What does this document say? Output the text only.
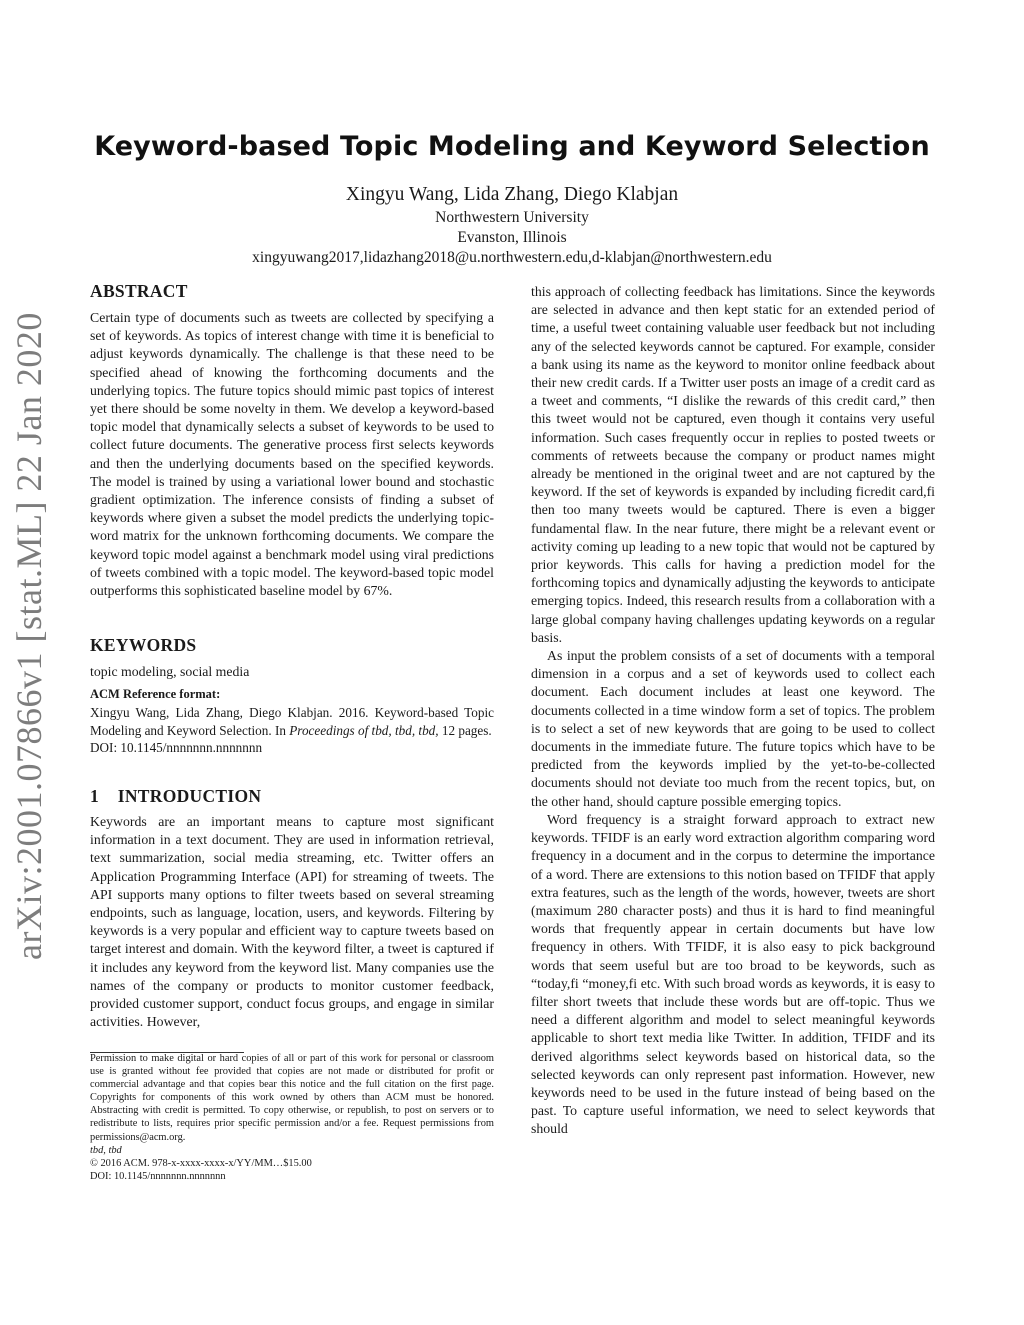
arXiv:2001.07866v1 [stat.ML] 22 Jan 2020
Keyword-based Topic Modeling and Keyword Selection
Xingyu Wang, Lida Zhang, Diego Klabjan
Northwestern University
Evanston, Illinois
xingyuwang2017,lidazhang2018@u.northwestern.edu,d-klabjan@northwestern.edu
ABSTRACT

Certain type of documents such as tweets are collected by specifying a set of keywords. As topics of interest change with time it is beneficial to adjust keywords dynamically. The challenge is that these need to be specified ahead of knowing the forthcoming documents and the underlying topics. The future topics should mimic past topics of interest yet there should be some novelty in them. We develop a keyword-based topic model that dynamically selects a subset of keywords to be used to collect future documents. The generative process first selects keywords and then the underlying documents based on the specified keywords. The model is trained by using a variational lower bound and stochastic gradient optimization. The inference consists of finding a subset of keywords where given a subset the model predicts the underlying topic-word matrix for the unknown forthcoming documents. We compare the keyword topic model against a benchmark model using viral predictions of tweets combined with a topic model. The keyword-based topic model outperforms this sophisticated baseline model by 67%.

KEYWORDS

topic modeling, social media

ACM Reference format:

Xingyu Wang, Lida Zhang, Diego Klabjan. 2016. Keyword-based Topic Modeling and Keyword Selection. In Proceedings of tbd, tbd, tbd, 12 pages.

DOI: 10.1145/nnnnnnn.nnnnnnn

1    INTRODUCTION

Keywords are an important means to capture most significant information in a text document. They are used in information retrieval, text summarization, social media streaming, etc. Twitter offers an Application Programming Interface (API) for streaming of tweets. The API supports many options to filter tweets based on several streaming endpoints, such as language, location, users, and keywords. Filtering by keywords is a very popular and efficient way to capture tweets based on target interest and domain. With the keyword filter, a tweet is captured if it includes any keyword from the keyword list. Many companies use the names of the company or products to monitor customer feedback, provided customer support, conduct focus groups, and engage in similar activities. However,

Permission to make digital or hard copies of all or part of this work for personal or classroom use is granted without fee provided that copies are not made or distributed for profit or commercial advantage and that copies bear this notice and the full citation on the first page. Copyrights for components of this work owned by others than ACM must be honored. Abstracting with credit is permitted. To copy otherwise, or republish, to post on servers or to redistribute to lists, requires prior specific permission and/or a fee. Request permissions from permissions@acm.org.

tbd, tbd

© 2016 ACM. 978-x-xxxx-xxxx-x/YY/MM…$15.00

DOI: 10.1145/nnnnnnn.nnnnnnn

this approach of collecting feedback has limitations. Since the keywords are selected in advance and then kept static for an extended period of time, a useful tweet containing valuable user feedback but not including any of the selected keywords cannot be captured. For example, consider a bank using its name as the keyword to monitor online feedback about their new credit cards. If a Twitter user posts an image of a credit card as a tweet and comments, “I dislike the rewards of this credit card,” then this tweet would not be captured, even though it contains very useful information. Such cases frequently occur in replies to posted tweets or comments of retweets because the company or product names might already be mentioned in the original tweet and are not captured by the keyword. If the set of keywords is expanded by including ficredit card,fi then too many tweets would be captured. There is even a bigger fundamental flaw. In the near future, there might be a relevant event or activity coming up leading to a new topic that would not be captured by prior keywords. This calls for having a prediction model for the forthcoming topics and dynamically adjusting the keywords to anticipate emerging topics. Indeed, this research results from a collaboration with a large global company having challenges updating keywords on a regular basis.

As input the problem consists of a set of documents with a temporal dimension in a corpus and a set of keywords used to collect each document. Each document includes at least one keyword. The documents collected in a time window form a set of topics. The problem is to select a set of new keywords that are going to be used to collect documents in the immediate future. The future topics which have to be predicted from the keywords implied by the yet-to-be-collected documents should not deviate too much from the recent topics, but, on the other hand, should capture possible emerging topics.

Word frequency is a straight forward approach to extract new keywords. TFIDF is an early word extraction algorithm comparing word frequency in a document and in the corpus to determine the importance of a word. There are extensions to this notion based on TFIDF that apply extra features, such as the length of the words, however, tweets are short (maximum 280 character posts) and thus it is hard to find meaningful words that frequently appear in certain documents but have low frequency in others. With TFIDF, it is also easy to pick background words that seem useful but are too broad to be keywords, such as “today,fi “money,fi etc. With such broad words as keywords, it is easy to filter short tweets that include these words but are off-topic. Thus we need a different algorithm and model to select meaningful keywords applicable to short text media like Twitter. In addition, TFIDF and its derived algorithms select keywords based on historical data, so the selected keywords can only represent past information. However, new keywords need to be used in the future instead of being based on the past. To capture useful information, we need to select keywords that should
